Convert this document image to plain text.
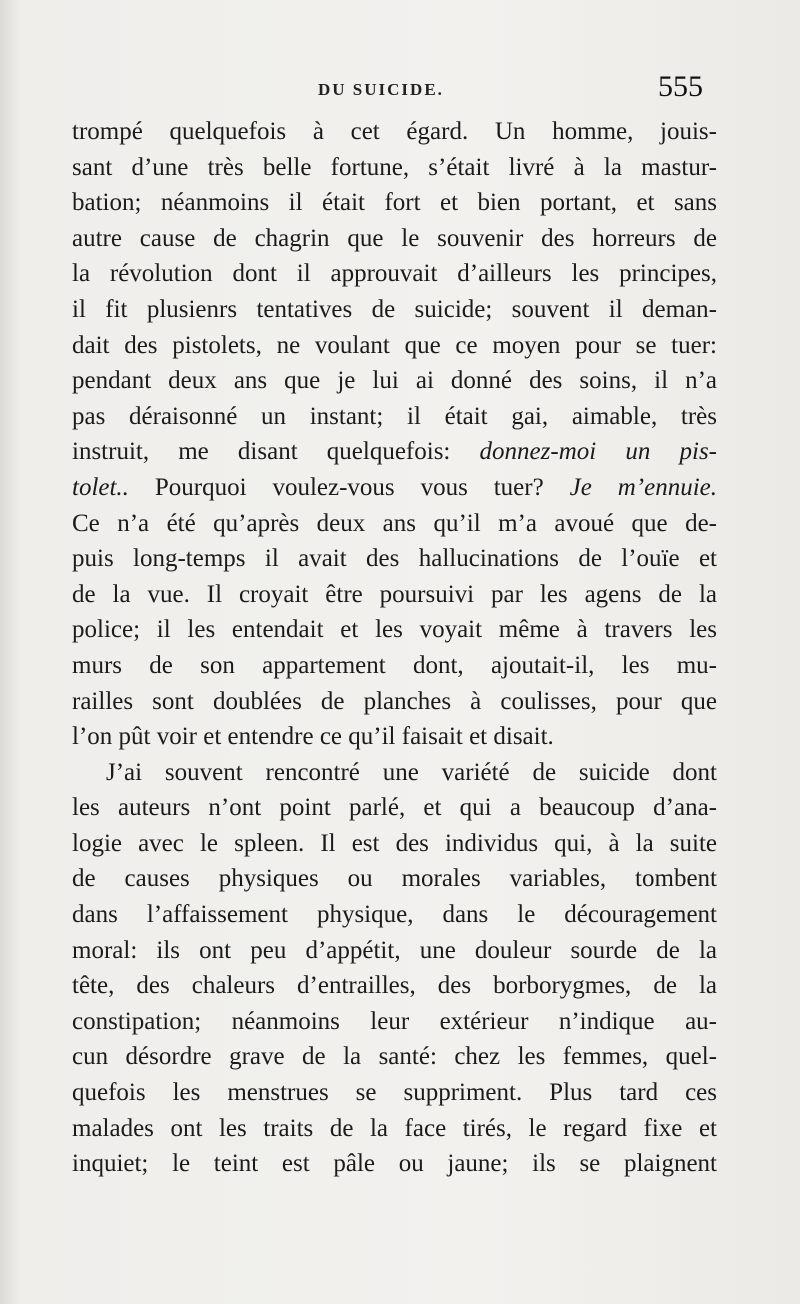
DU SUICIDE.	555
trompé quelquefois à cet égard. Un homme, jouis-
sant d’une très belle fortune, s’était livré à la mastur-
bation; néanmoins il était fort et bien portant, et sans
autre cause de chagrin que le souvenir des horreurs de
la révolution dont il approuvait d’ailleurs les principes,
il fit plusienrs tentatives de suicide; souvent il deman-
dait des pistolets, ne voulant que ce moyen pour se tuer:
pendant deux ans que je lui ai donné des soins, il n’a
pas déraisonné un instant; il était gai, aimable, très
instruit, me disant quelquefois: donnez-moi un pis-
tolet.. Pourquoi voulez-vous vous tuer? Je m’ennuie.
Ce n’a été qu’après deux ans qu’il m’a avoué que de-
puis long-temps il avait des hallucinations de l’ouïe et
de la vue. Il croyait être poursuivi par les agens de la
police; il les entendait et les voyait même à travers les
murs de son appartement dont, ajoutait-il, les mu-
railles sont doublées de planches à coulisses, pour que
l’on pût voir et entendre ce qu’il faisait et disait.
J’ai souvent rencontré une variété de suicide dont
les auteurs n’ont point parlé, et qui a beaucoup d’ana-
logie avec le spleen. Il est des individus qui, à la suite
de causes physiques ou morales variables, tombent
dans l’affaissement physique, dans le découragement
moral: ils ont peu d’appétit, une douleur sourde de la
tête, des chaleurs d’entrailles, des borborygmes, de la
constipation; néanmoins leur extérieur n’indique au-
cun désordre grave de la santé: chez les femmes, quel-
quefois les menstrues se suppriment. Plus tard ces
malades ont les traits de la face tirés, le regard fixe et
inquiet; le teint est pâle ou jaune; ils se plaignent
